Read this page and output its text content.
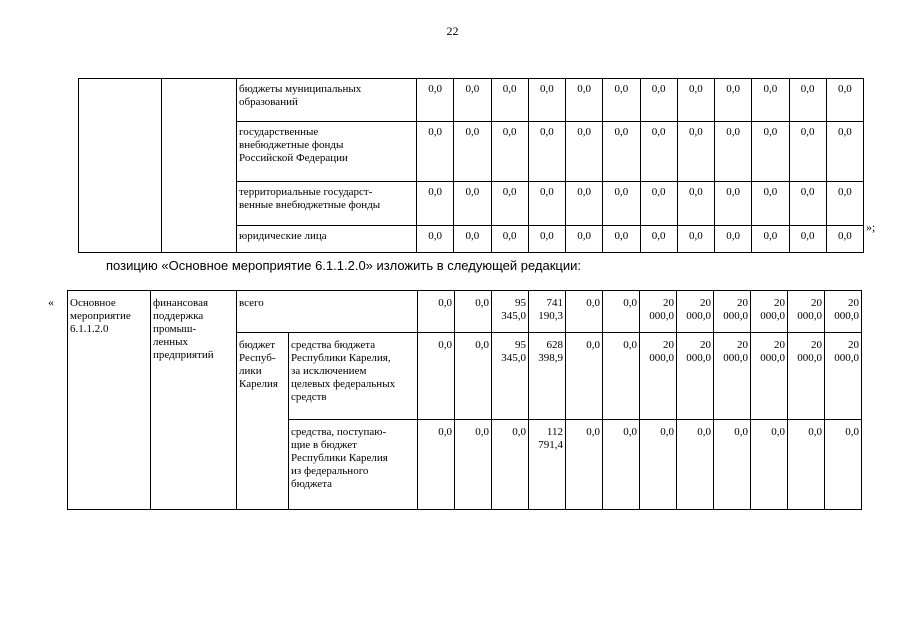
22

		бюджеты муниципальных
образований	0,0	0,0	0,0	0,0	0,0	0,0	0,0	0,0	0,0	0,0	0,0	0,0

		государственные
внебюджетные фонды
Российской Федерации	0,0	0,0	0,0	0,0	0,0	0,0	0,0	0,0	0,0	0,0	0,0	0,0

		территориальные государст-
венные внебюджетные фонды	0,0	0,0	0,0	0,0	0,0	0,0	0,0	0,0	0,0	0,0	0,0	0,0

		юридические лица	0,0	0,0	0,0	0,0	0,0	0,0	0,0	0,0	0,0	0,0	0,0	0,0
»;
позицию «Основное мероприятие 6.1.1.2.0» изложить в следующей редакции:
« Основное
мероприятие
6.1.1.2.0	финансовая
поддержка
промыш-
ленных
предприятий	всего		0,0	0,0	95
345,0	741
190,3	0,0	0,0	20
000,0	20
000,0	20
000,0	20
000,0	20
000,0	20
000,0

		бюджет
Респуб-
лики
Карелия	средства бюджета
Республики Карелия,
за исключением
целевых федеральных
средств	0,0	0,0	95
345,0	628
398,9	0,0	0,0	20
000,0	20
000,0	20
000,0	20
000,0	20
000,0	20
000,0

			средства, поступаю-
щие в бюджет
Республики Карелия
из федерального
бюджета	0,0	0,0	0,0	112
791,4	0,0	0,0	0,0	0,0	0,0	0,0	0,0	0,0
